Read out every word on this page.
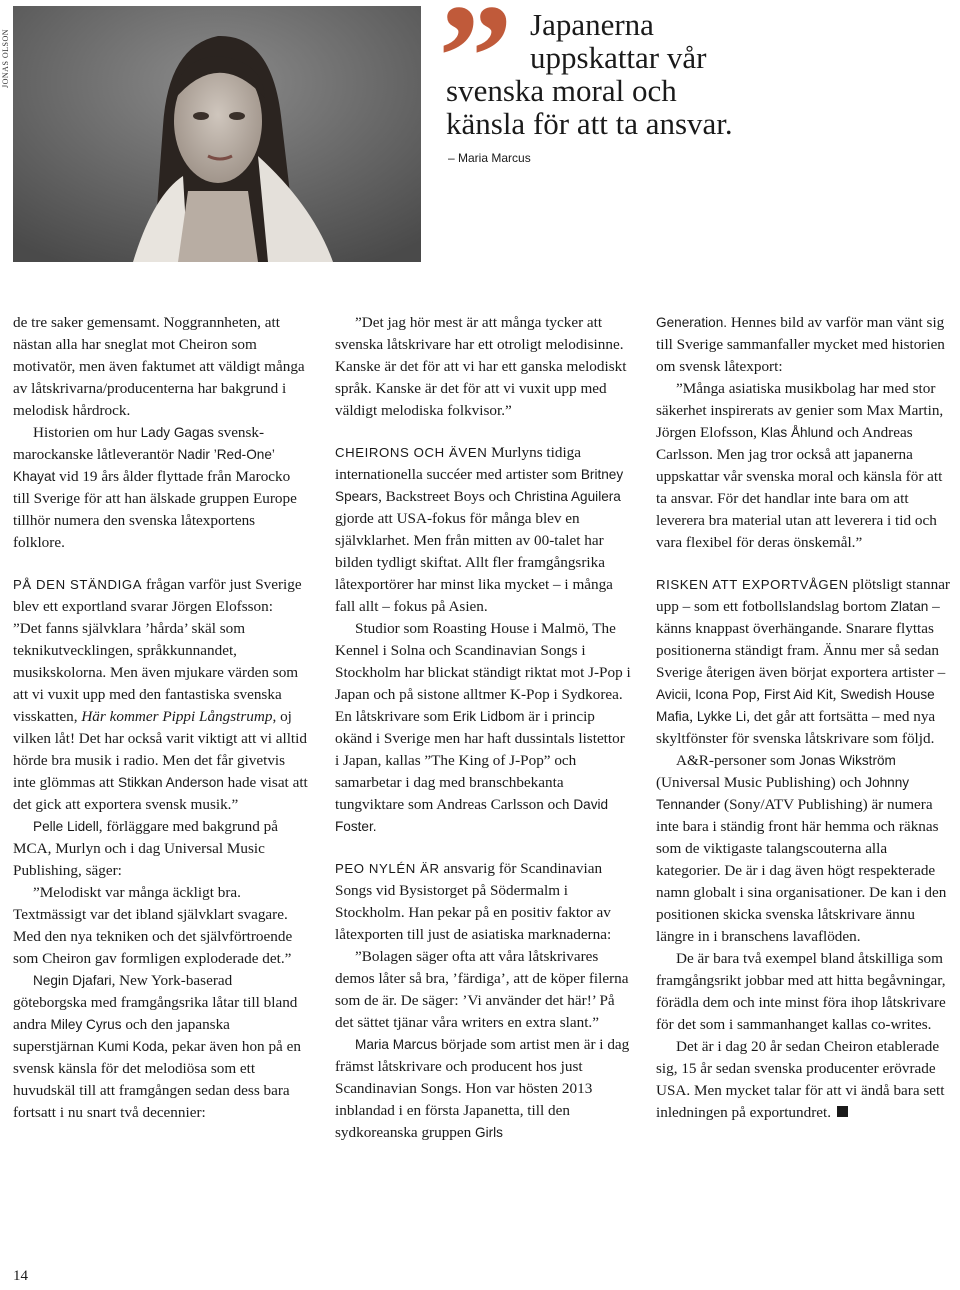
JONAS OLSON	” Japanerna
uppskattar vår
svenska moral och
känsla för att ta ansvar.
– Maria Marcus

de tre saker gemensamt. Noggrannheten, att nästan alla har sneglat mot Cheiron som motivatör, men även faktumet att väldigt många av låtskrivarna/producenterna har bakgrund i melodisk hårdrock.

Historien om hur Lady Gagas svensk-marockanske låtleverantör Nadir ’Red-One’ Khayat vid 19 års ålder flyttade från Marocko till Sverige för att han älskade gruppen Europe tillhör numera den svenska låtexportens folklore.

PÅ DEN STÄNDIGA frågan varför just Sverige blev ett exportland svarar Jörgen Elofsson:

”Det fanns självklara ’hårda’ skäl som teknikutvecklingen, språkkunnandet, musikskolorna. Men även mjukare värden som att vi vuxit upp med den fantastiska svenska visskatten, Här kommer Pippi Långstrump, oj vilken låt! Det har också varit viktigt att vi alltid hörde bra musik i radio. Men det får givetvis inte glömmas att Stikkan Anderson hade visat att det gick att exportera svensk musik.”

Pelle Lidell, förläggare med bakgrund på MCA, Murlyn och i dag Universal Music Publishing, säger:

”Melodiskt var många äckligt bra. Textmässigt var det ibland självklart svagare. Med den nya tekniken och det självförtroende som Cheiron gav formligen exploderade det.”

Negin Djafari, New York-baserad göteborgska med framgångsrika låtar till bland andra Miley Cyrus och den japanska superstjärnan Kumi Koda, pekar även hon på en svensk känsla för det melodiösa som ett huvudskäl till att framgången sedan dess bara fortsatt i nu snart två decennier:

”Det jag hör mest är att många tycker att svenska låtskrivare har ett otroligt melodisinne. Kanske är det för att vi har ett ganska melodiskt språk. Kanske är det för att vi vuxit upp med väldigt melodiska folkvisor.”

CHEIRONS OCH ÄVEN Murlyns tidiga internationella succéer med artister som Britney Spears, Backstreet Boys och Christina Aguilera gjorde att USA-fokus för många blev en självklarhet. Men från mitten av 00-talet har bilden tydligt skiftat. Allt fler framgångsrika låtexportörer har minst lika mycket – i många fall allt – fokus på Asien.

Studior som Roasting House i Malmö, The Kennel i Solna och Scandinavian Songs i Stockholm har blickat ständigt riktat mot J-Pop i Japan och på sistone alltmer K-Pop i Sydkorea. En låtskrivare som Erik Lidbom är i princip okänd i Sverige men har haft dussintals listettor i Japan, kallas ”The King of J-Pop” och samarbetar i dag med branschbekanta tungviktare som Andreas Carlsson och David Foster.

PEO NYLÉN ÄR ansvarig för Scandinavian Songs vid Bysistorget på Södermalm i Stockholm. Han pekar på en positiv faktor av låtexporten till just de asiatiska marknaderna:

”Bolagen säger ofta att våra låtskrivares demos låter så bra, ’färdiga’, att de köper filerna som de är. De säger: ’Vi använder det här!’ På det sättet tjänar våra writers en extra slant.”

Maria Marcus började som artist men är i dag främst låtskrivare och producent hos just Scandinavian Songs. Hon var hösten 2013 inblandad i en första Japanetta, till den sydkoreanska gruppen Girls

Generation. Hennes bild av varför man vänt sig till Sverige sammanfaller mycket med historien om svensk låtexport:

”Många asiatiska musikbolag har med stor säkerhet inspirerats av genier som Max Martin, Jörgen Elofsson, Klas Åhlund och Andreas Carlsson. Men jag tror också att japanerna uppskattar vår svenska moral och känsla för att ta ansvar. För det handlar inte bara om att leverera bra material utan att leverera i tid och vara flexibel för deras önskemål.”

RISKEN ATT EXPORTVÅGEN plötsligt stannar upp – som ett fotbollslandslag bortom Zlatan – känns knappast överhängande. Snarare flyttas positionerna ständigt fram. Ännu mer så sedan Sverige återigen även börjat exportera artister – Avicii, Icona Pop, First Aid Kit, Swedish House Mafia, Lykke Li, det går att fortsätta – med nya skyltfönster för svenska låtskrivare som följd.

A&R-personer som Jonas Wikström (Universal Music Publishing) och Johnny Tennander (Sony/ATV Publishing) är numera inte bara i ständig front här hemma och räknas som de viktigaste talangscouterna alla kategorier. De är i dag även högt respekterade namn globalt i sina organisationer. De kan i den positionen skicka svenska låtskrivare ännu längre in i branschens lavaflöden.

De är bara två exempel bland åtskilliga som framgångsrikt jobbar med att hitta begåvningar, förädla dem och inte minst föra ihop låtskrivare för det som i sammanhanget kallas co-writes.

Det är i dag 20 år sedan Cheiron etablerade sig, 15 år sedan svenska producenter erövrade USA. Men mycket talar för att vi ändå bara sett inledningen på exportundret.

14
